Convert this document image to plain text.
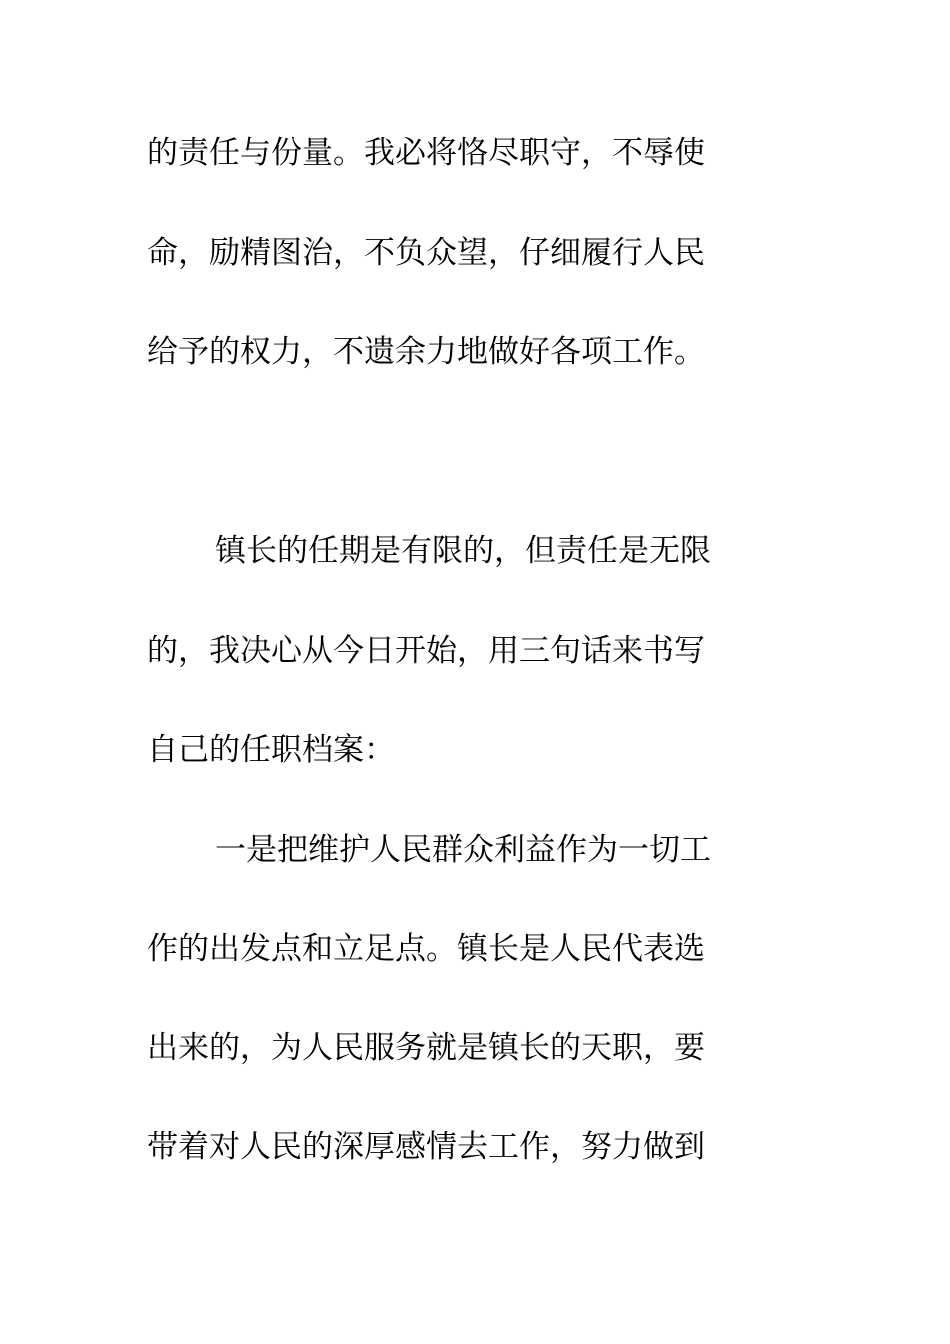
的责任与份量。我必将恪尽职守，不辱使
命，励精图治，不负众望，仔细履行人民
给予的权力，不遗余力地做好各项工作。
镇长的任期是有限的，但责任是无限
的，我决心从今日开始，用三句话来书写
自己的任职档案：
一是把维护人民群众利益作为一切工
作的出发点和立足点。镇长是人民代表选
出来的，为人民服务就是镇长的天职，要
带着对人民的深厚感情去工作，努力做到
